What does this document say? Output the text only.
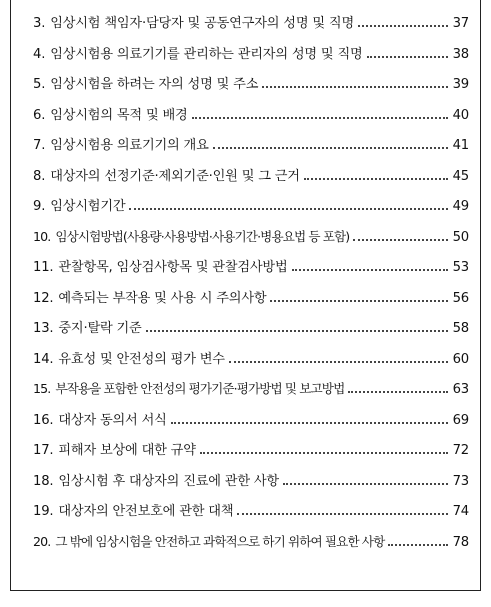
3. 임상시험 책임자·담당자 및 공동연구자의 성명 및 직명	37
4. 임상시험용 의료기기를 관리하는 관리자의 성명 및 직명	38
5. 임상시험을 하려는 자의 성명 및 주소	39
6. 임상시험의 목적 및 배경	40
7. 임상시험용 의료기기의 개요	41
8. 대상자의 선정기준·제외기준·인원 및 그 근거	45
9. 임상시험기간	49
10. 임상시험방법(사용량·사용방법·사용기간·병용요법 등 포함)	50
11. 관찰항목, 임상검사항목 및 관찰검사방법	53
12. 예측되는 부작용 및 사용 시 주의사항	56
13. 중지·탈락 기준	58
14. 유효성 및 안전성의 평가 변수	60
15. 부작용을 포함한 안전성의 평가기준·평가방법 및 보고방법	63
16. 대상자 동의서 서식	69
17. 피해자 보상에 대한 규약	72
18. 임상시험 후 대상자의 진료에 관한 사항	73
19. 대상자의 안전보호에 관한 대책	74
20. 그 밖에 임상시험을 안전하고 과학적으로 하기 위하여 필요한 사항	78
